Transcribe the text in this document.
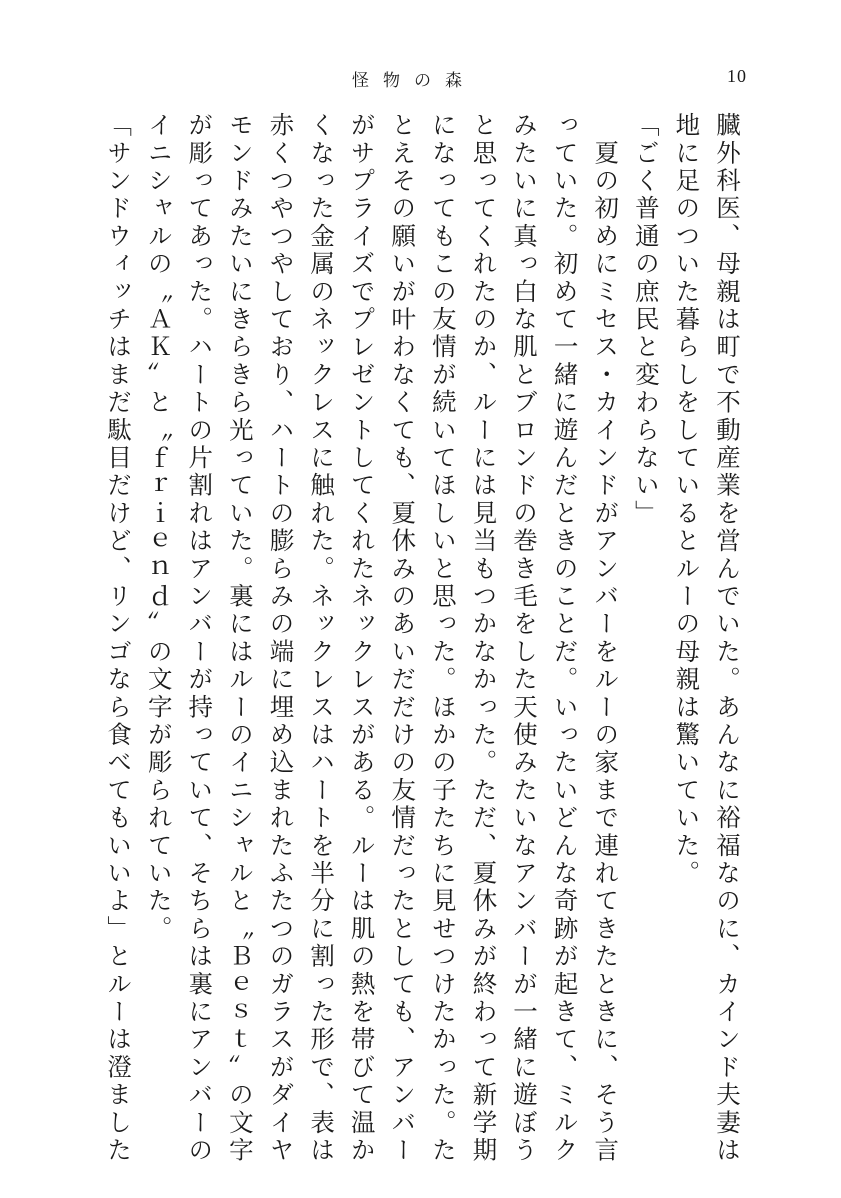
怪物の森	10
臓外科医、母親は町で不動産業を営んでいた。あんなに裕福なのに、カインド夫妻は
地に足のついた暮らしをしているとルーの母親は驚いていた。
「ごく普通の庶民と変わらない」
　夏の初めにミセス・カインドがアンバーをルーの家まで連れてきたときに、そう言
っていた。初めて一緒に遊んだときのことだ。いったいどんな奇跡が起きて、ミルク
みたいに真っ白な肌とブロンドの巻き毛をした天使みたいなアンバーが一緒に遊ぼう
と思ってくれたのか、ルーには見当もつかなかった。ただ、夏休みが終わって新学期
になってもこの友情が続いてほしいと思った。ほかの子たちに見せつけたかった。た
とえその願いが叶わなくても、夏休みのあいだだけの友情だったとしても、アンバー
がサプライズでプレゼントしてくれたネックレスがある。ルーは肌の熱を帯びて温か
くなった金属のネックレスに触れた。ネックレスはハートを半分に割った形で、表は
赤くつやつやしており、ハートの膨らみの端に埋め込まれたふたつのガラスがダイヤ
モンドみたいにきらきら光っていた。裏にはルーのイニシャルと〝Ｂｅｓｔ〟の文字
が彫ってあった。ハートの片割れはアンバーが持っていて、そちらは裏にアンバーの
イニシャルの〝ＡＫ〟と〝ｆｒｉｅｎｄ〟の文字が彫られていた。
「サンドウィッチはまだ駄目だけど、リンゴなら食べてもいいよ」とルーは澄ました
